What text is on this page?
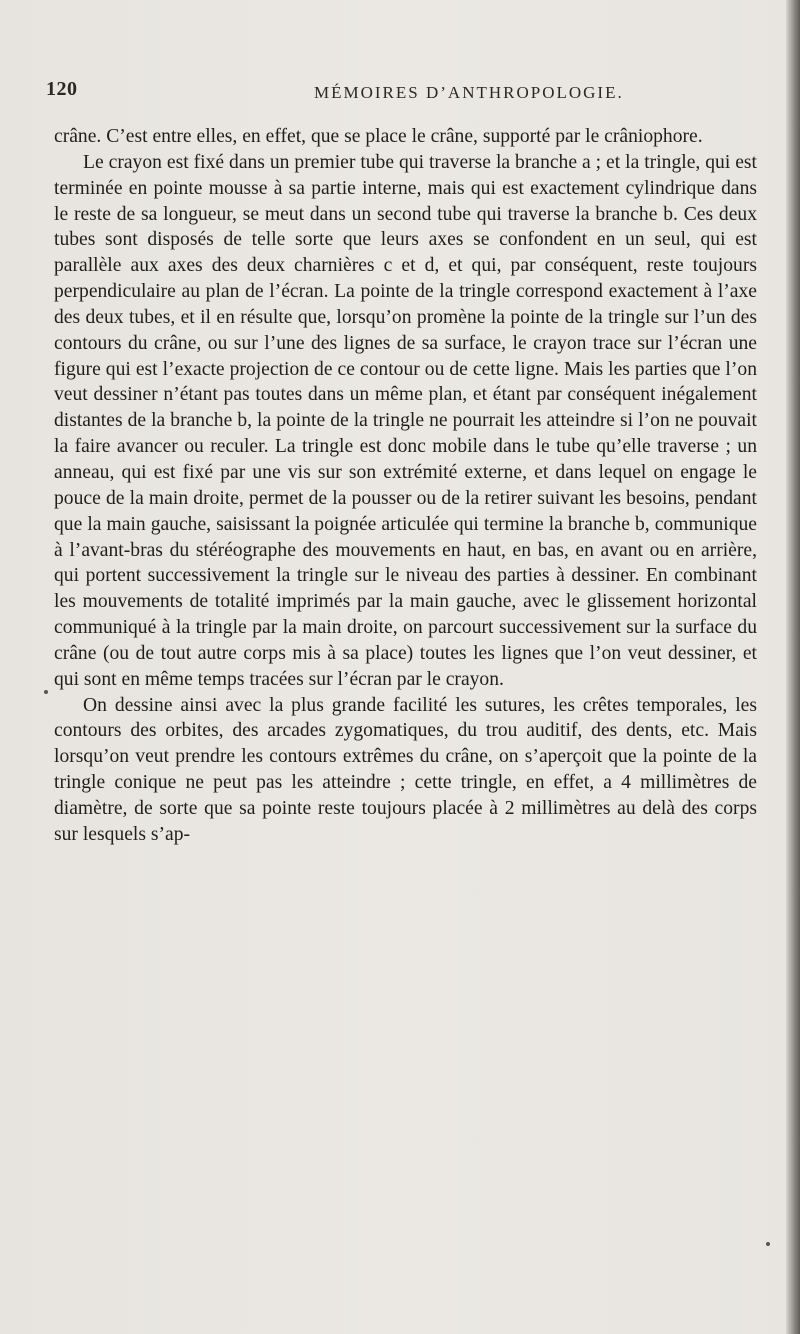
120	MÉMOIRES D’ANTHROPOLOGIE.

crâne. C’est entre elles, en effet, que se place le crâne, supporté par le crâniophore.

Le crayon est fixé dans un premier tube qui traverse la branche a ; et la tringle, qui est terminée en pointe mousse à sa partie interne, mais qui est exactement cylindrique dans le reste de sa longueur, se meut dans un second tube qui traverse la branche b. Ces deux tubes sont disposés de telle sorte que leurs axes se confondent en un seul, qui est parallèle aux axes des deux charnières c et d, et qui, par conséquent, reste toujours perpendiculaire au plan de l’écran. La pointe de la tringle correspond exactement à l’axe des deux tubes, et il en résulte que, lorsqu’on promène la pointe de la tringle sur l’un des contours du crâne, ou sur l’une des lignes de sa surface, le crayon trace sur l’écran une figure qui est l’exacte projection de ce contour ou de cette ligne. Mais les parties que l’on veut dessiner n’étant pas toutes dans un même plan, et étant par conséquent inégalement distantes de la branche b, la pointe de la tringle ne pourrait les atteindre si l’on ne pouvait la faire avancer ou reculer. La tringle est donc mobile dans le tube qu’elle traverse ; un anneau, qui est fixé par une vis sur son extrémité externe, et dans lequel on engage le pouce de la main droite, permet de la pousser ou de la retirer suivant les besoins, pendant que la main gauche, saisissant la poignée articulée qui termine la branche b, communique à l’avant-bras du stéréographe des mouvements en haut, en bas, en avant ou en arrière, qui portent successivement la tringle sur le niveau des parties à dessiner. En combinant les mouvements de totalité imprimés par la main gauche, avec le glissement horizontal communiqué à la tringle par la main droite, on parcourt successivement sur la surface du crâne (ou de tout autre corps mis à sa place) toutes les lignes que l’on veut dessiner, et qui sont en même temps tracées sur l’écran par le crayon.

On dessine ainsi avec la plus grande facilité les sutures, les crêtes temporales, les contours des orbites, des arcades zygomatiques, du trou auditif, des dents, etc. Mais lorsqu’on veut prendre les contours extrêmes du crâne, on s’aperçoit que la pointe de la tringle conique ne peut pas les atteindre ; cette tringle, en effet, a 4 millimètres de diamètre, de sorte que sa pointe reste toujours placée à 2 millimètres au delà des corps sur lesquels s’ap-
